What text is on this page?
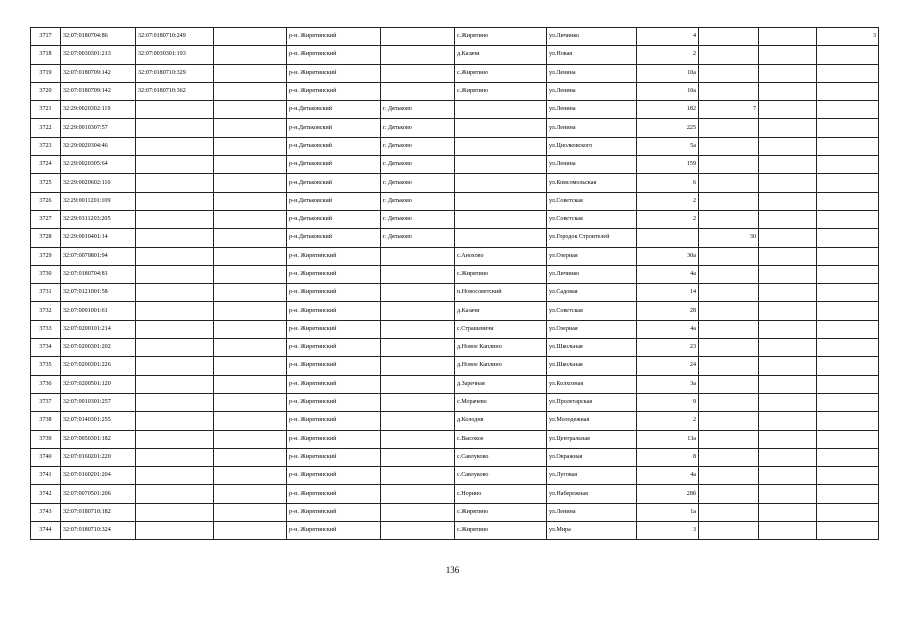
3717	32:07:0180704:86	32:07:0180710:249		р-н. Жирятинский		с.Жирятино	ул.Личинко	4			3
3718	32:07:0030301:213	32:07:0030301:193		р-н. Жирятинский		д.Казачи	ул.Новая	2			
3719	32:07:0180709:142	32:07:0180710:329		р-н. Жирятинский		с.Жирятино	ул.Ленина	10а			
3720	32:07:0180709:142	32:07:0180710:362		р-н. Жирятинский		с.Жирятино	ул.Ленина	10а			
3721	32:29:0020302:119			р-н.Дятьковский	г. Дятьково		ул.Ленина	182	7		
3722	32:29:0010307:57			р-н.Дятьковский	г. Дятьково		ул.Ленина	225			
3723	32:29:0020304:46			р-н.Дятьковский	г. Дятьково		ул.Циолковского	5а			
3724	32:29:0020305:64			р-н.Дятьковский	г. Дятьково		ул.Ленина	159			
3725	32:29:0020602:110			р-н.Дятьковский	г. Дятьково		ул.Комсомольская	6			
3726	32:29:0011201:109			р-н.Дятьковский	г. Дятьково		ул.Советская	2			
3727	32:29:0311203:205			р-н.Дятьковский	г. Дятьково		ул.Советская	2			
3728	32:29:0010401:14			р-н.Дятьковский	г. Дятьково		ул.Городок Строителей		30		
3729	32:07:0070801:94			р-н. Жирятинский		с.Анохово	ул.Озерная	30а			
3730	32:07:0180704:81			р-н. Жирятинский		с.Жирятино	ул.Личинко	4а			
3731	32:07:0121001:58			р-н. Жирятинский		п.Новосоветский	ул.Садовая	14			
3732	32:07:0091001:61			р-н. Жирятинский		д.Казачи	ул.Советская	28			
3733	32:07:0200101:214			р-н. Жирятинский		с.Страшевичи	ул.Озерная	4а			
3734	32:07:0200301:202			р-н. Жирятинский		д.Новое Каплино	ул.Школьная	23			
3735	32:07:0200301:226			р-н. Жирятинский		д.Новое Каплино	ул.Школьная	24			
3736	32:07:0200501:120			р-н. Жирятинский		д.Заречная	ул.Колхозная	3а			
3737	32:07:0010301:257			р-н. Жирятинский		с.Морачево	ул.Пролетарская	9			
3738	32:07:0140301:255			р-н. Жирятинский		д.Колодня	ул.Молодежная	2			
3739	32:07:0050301:182			р-н. Жирятинский		с.Высокое	ул.Центральная	13а			
3740	32:07:0160201:220			р-н. Жирятинский		с.Савлуково	ул.Овражная	8			
3741	32:07:0160201:204			р-н. Жирятинский		с.Савлуково	ул.Луговая	4а			
3742	32:07:0070501:206			р-н. Жирятинский		с.Норино	ул.Набережная	28б			
3743	32:07:0180710:182			р-н. Жирятинский		с.Жирятино	ул.Ленина	1а			
3744	32:07:0180710:324			р-н. Жирятинский		с.Жирятино	ул.Мира	3			
136
